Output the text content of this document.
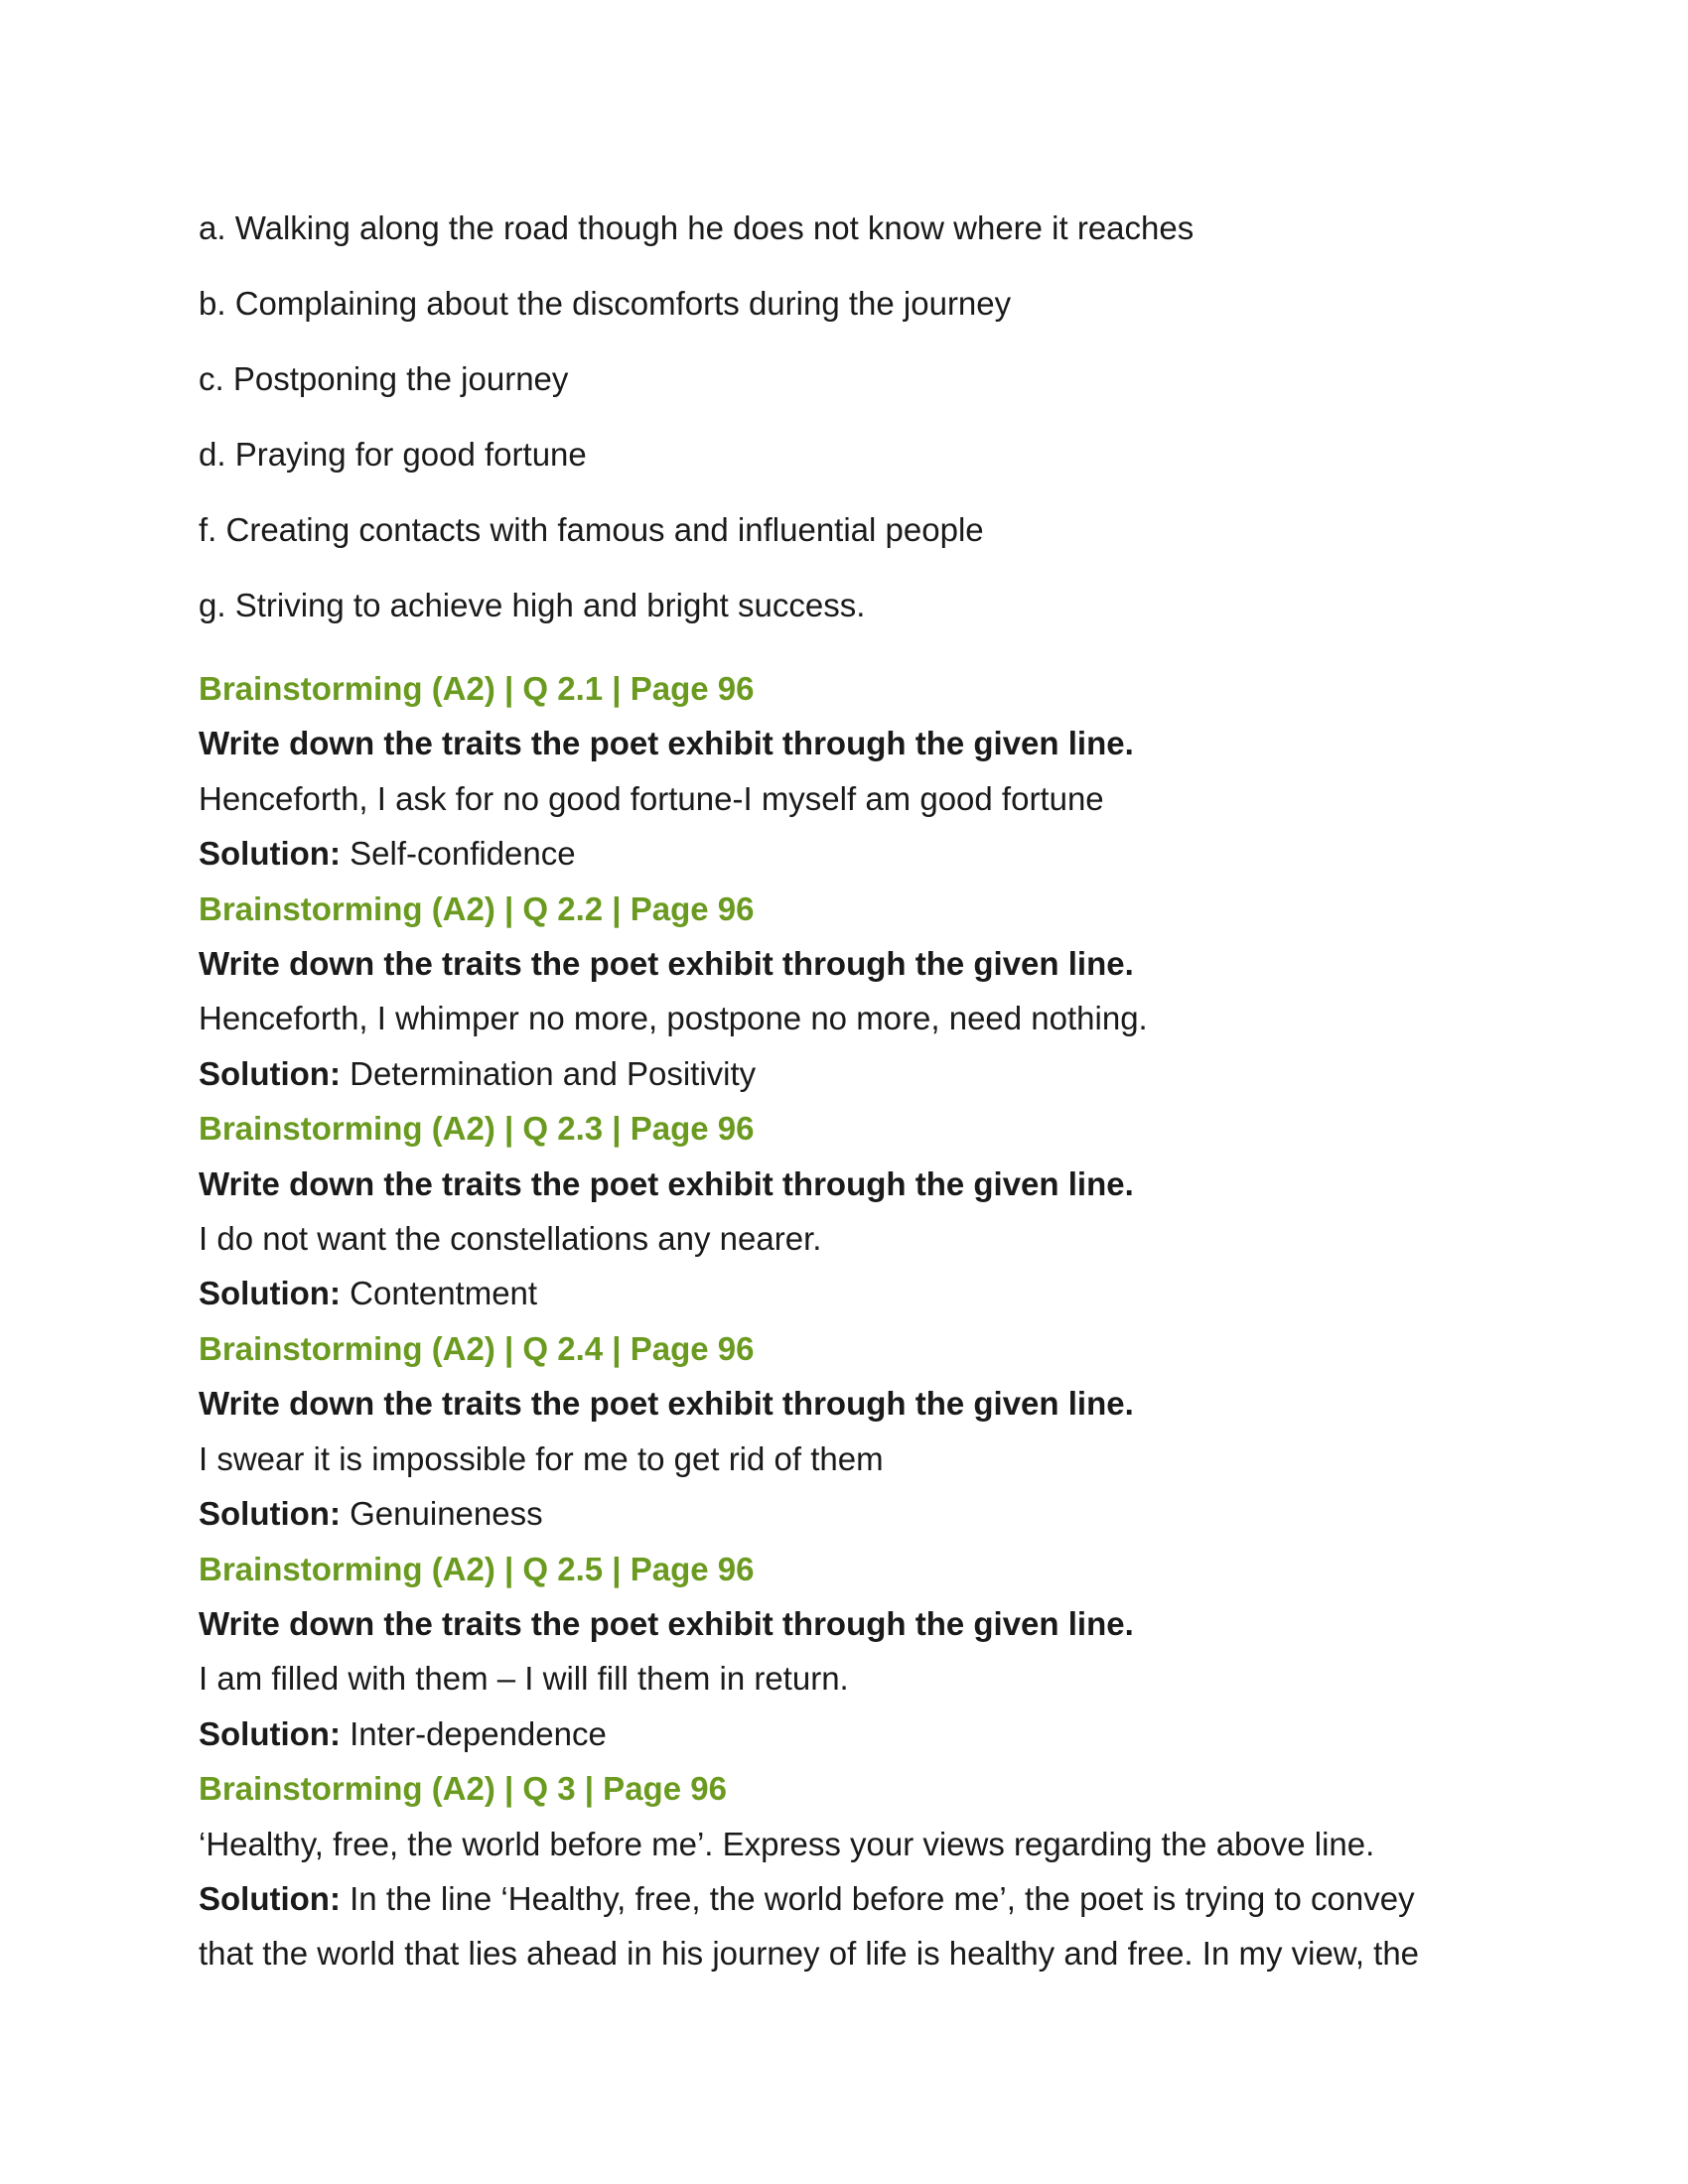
a. Walking along the road though he does not know where it reaches
b. Complaining about the discomforts during the journey
c. Postponing the journey
d. Praying for good fortune
f. Creating contacts with famous and influential people
g. Striving to achieve high and bright success.
Brainstorming (A2) | Q 2.1 | Page 96
Write down the traits the poet exhibit through the given line.
Henceforth, I ask for no good fortune-I myself am good fortune
Solution: Self-confidence
Brainstorming (A2) | Q 2.2 | Page 96
Write down the traits the poet exhibit through the given line.
Henceforth, I whimper no more, postpone no more, need nothing.
Solution: Determination and Positivity
Brainstorming (A2) | Q 2.3 | Page 96
Write down the traits the poet exhibit through the given line.
I do not want the constellations any nearer.
Solution: Contentment
Brainstorming (A2) | Q 2.4 | Page 96
Write down the traits the poet exhibit through the given line.
I swear it is impossible for me to get rid of them
Solution: Genuineness
Brainstorming (A2) | Q 2.5 | Page 96
Write down the traits the poet exhibit through the given line.
I am filled with them – I will fill them in return.
Solution: Inter-dependence
Brainstorming (A2) | Q 3 | Page 96
‘Healthy, free, the world before me’. Express your views regarding the above line.
Solution: In the line ‘Healthy, free, the world before me’, the poet is trying to convey
that the world that lies ahead in his journey of life is healthy and free. In my view, the
